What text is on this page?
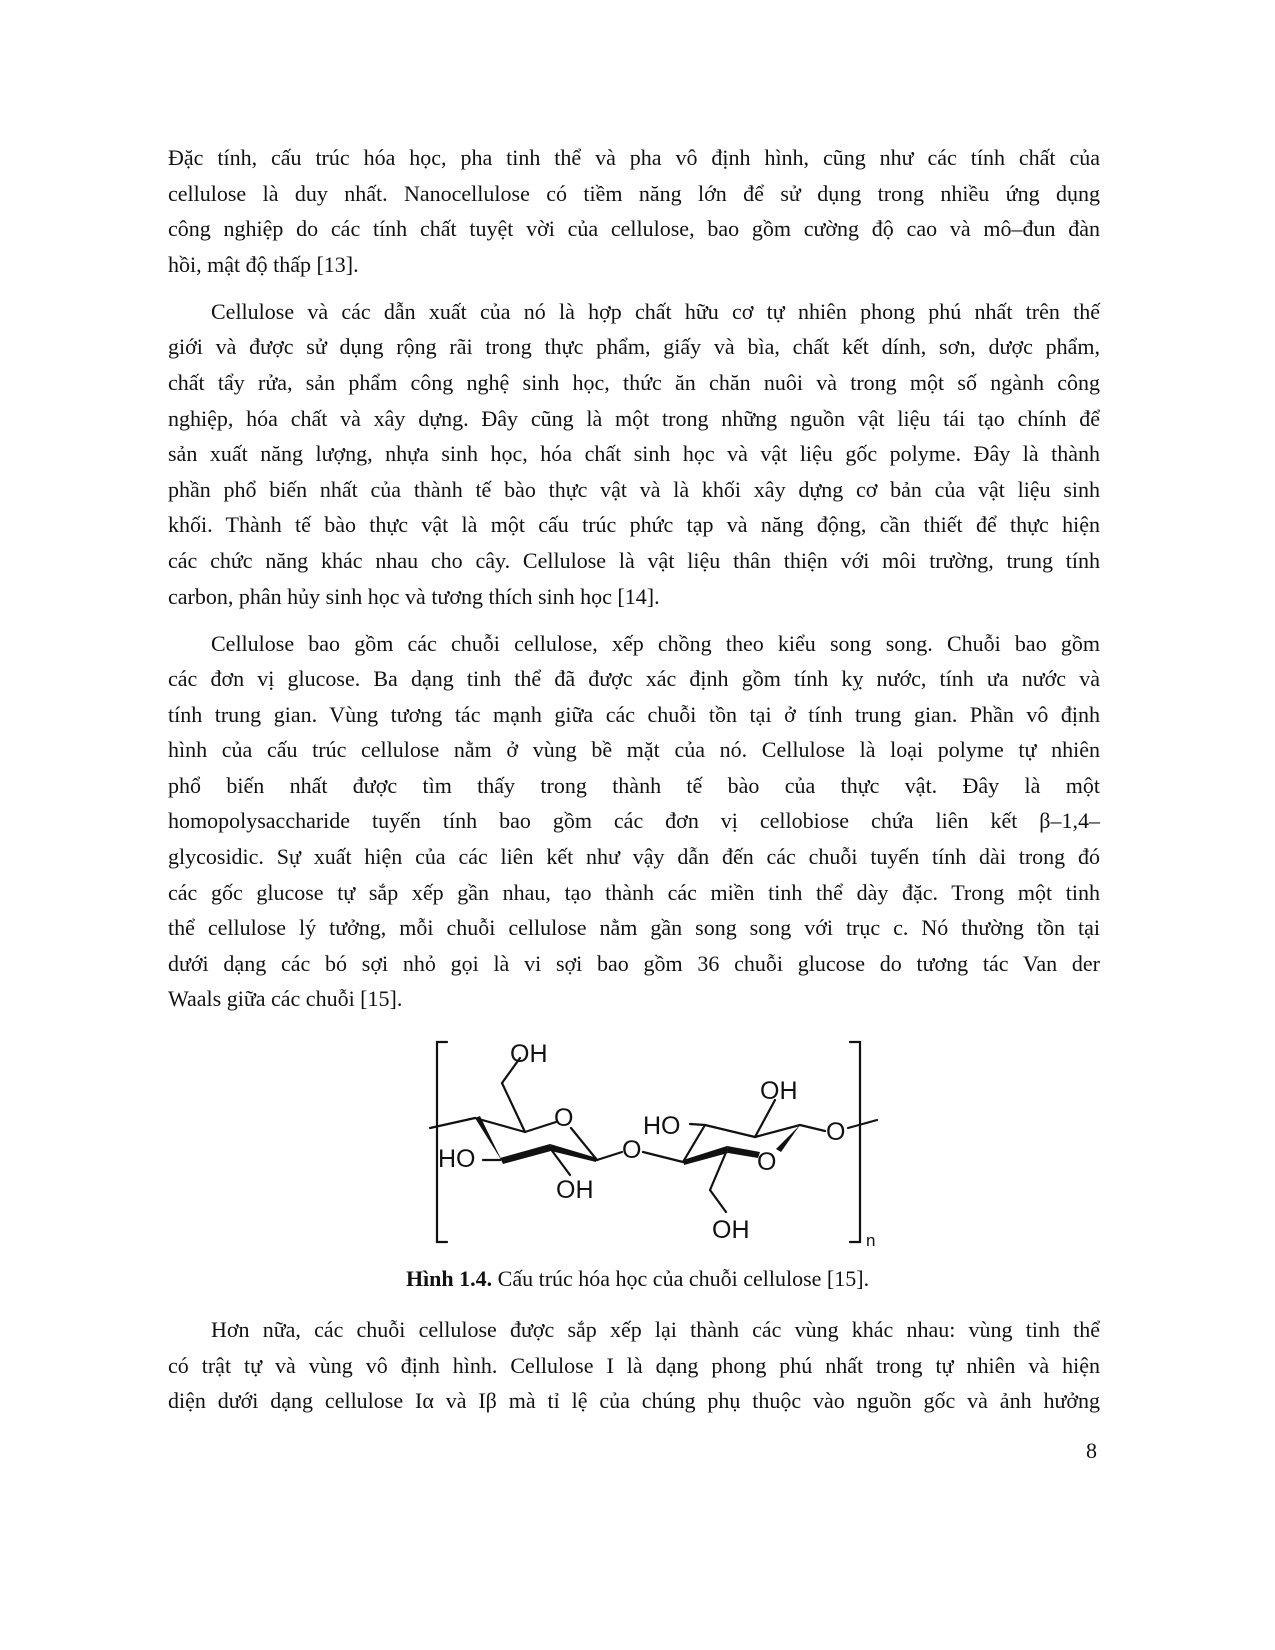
Đặc tính, cấu trúc hóa học, pha tinh thể và pha vô định hình, cũng như các tính chất của
cellulose là duy nhất. Nanocellulose có tiềm năng lớn để sử dụng trong nhiều ứng dụng
công nghiệp do các tính chất tuyệt vời của cellulose, bao gồm cường độ cao và mô–đun đàn
hồi, mật độ thấp [13].
Cellulose và các dẫn xuất của nó là hợp chất hữu cơ tự nhiên phong phú nhất trên thế
giới và được sử dụng rộng rãi trong thực phẩm, giấy và bìa, chất kết dính, sơn, dược phẩm,
chất tẩy rửa, sản phẩm công nghệ sinh học, thức ăn chăn nuôi và trong một số ngành công
nghiệp, hóa chất và xây dựng. Đây cũng là một trong những nguồn vật liệu tái tạo chính để
sản xuất năng lượng, nhựa sinh học, hóa chất sinh học và vật liệu gốc polyme. Đây là thành
phần phổ biến nhất của thành tế bào thực vật và là khối xây dựng cơ bản của vật liệu sinh
khối. Thành tế bào thực vật là một cấu trúc phức tạp và năng động, cần thiết để thực hiện
các chức năng khác nhau cho cây. Cellulose là vật liệu thân thiện với môi trường, trung tính
carbon, phân hủy sinh học và tương thích sinh học [14].
Cellulose bao gồm các chuỗi cellulose, xếp chồng theo kiểu song song. Chuỗi bao gồm
các đơn vị glucose. Ba dạng tinh thể đã được xác định gồm tính kỵ nước, tính ưa nước và
tính trung gian. Vùng tương tác mạnh giữa các chuỗi tồn tại ở tính trung gian. Phần vô định
hình của cấu trúc cellulose nằm ở vùng bề mặt của nó. Cellulose là loại polyme tự nhiên
phổ biến nhất được tìm thấy trong thành tế bào của thực vật. Đây là một
homopolysaccharide tuyến tính bao gồm các đơn vị cellobiose chứa liên kết β–1,4–
glycosidic. Sự xuất hiện của các liên kết như vậy dẫn đến các chuỗi tuyến tính dài trong đó
các gốc glucose tự sắp xếp gần nhau, tạo thành các miền tinh thể dày đặc. Trong một tinh
thể cellulose lý tưởng, mỗi chuỗi cellulose nằm gần song song với trục c. Nó thường tồn tại
dưới dạng các bó sợi nhỏ gọi là vi sợi bao gồm 36 chuỗi glucose do tương tác Van der
Waals giữa các chuỗi [15].
OH
O
HO
OH
O
HO
OH
O
O
OH	n
Hình 1.4. Cấu trúc hóa học của chuỗi cellulose [15].
Hơn nữa, các chuỗi cellulose được sắp xếp lại thành các vùng khác nhau: vùng tinh thể
có trật tự và vùng vô định hình. Cellulose I là dạng phong phú nhất trong tự nhiên và hiện
diện dưới dạng cellulose Iα và Iβ mà tỉ lệ của chúng phụ thuộc vào nguồn gốc và ảnh hưởng
8
